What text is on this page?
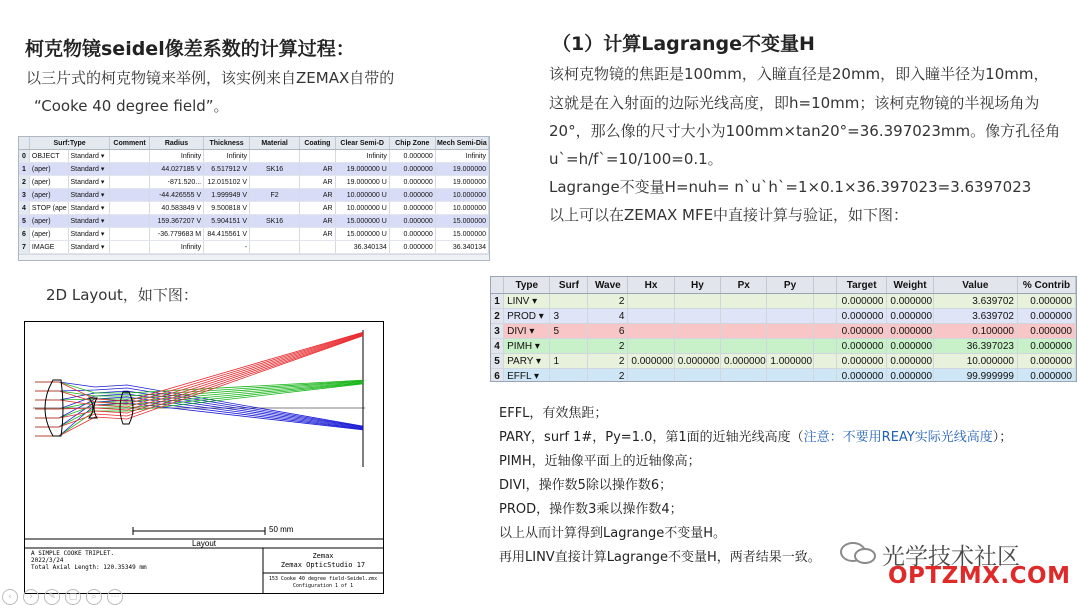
柯克物镜seidel像差系数的计算过程：
以三片式的柯克物镜来举例，该实例来自ZEMAX自带的
“Cooke 40 degree field”。
	Surf:Type		Comment	Radius	Thickness	Material	Coating	Clear Semi-D	Chip Zone	Mech Semi-Dia
0	OBJECT	Standard ▾		Infinity	Infinity			Infinity	0.000000	Infinity
1	(aper)	Standard ▾		44.027185 V	6.517912 V	SK16	AR	19.000000 U	0.000000	19.000000
2	(aper)	Standard ▾		-871.520...	12.015102 V		AR	19.000000 U	0.000000	19.000000
3	(aper)	Standard ▾		-44.426555 V	1.999949 V	F2	AR	10.000000 U	0.000000	10.000000
4	STOP (ape	Standard ▾		40.583849 V	9.500818 V		AR	10.000000 U	0.000000	10.000000
5	(aper)	Standard ▾		159.367207 V	5.904151 V	SK16	AR	15.000000 U	0.000000	15.000000
6	(aper)	Standard ▾		-36.779683 M	84.415561 V		AR	15.000000 U	0.000000	15.000000
7	IMAGE	Standard ▾		Infinity	-			36.340134	0.000000	36.340134
2D Layout，如下图：
50 mm
Layout
A SIMPLE COOKE TRIPLET.
2022/3/24
Total Axial Length: 120.35349 mm
Zemax
Zemax OpticStudio 17
153 Cooke 40 degree field-Seidel.zmx
Configuration 1 of 1
（1）计算Lagrange不变量H
该柯克物镜的焦距是100mm，入瞳直径是20mm，即入瞳半径为10mm，
这就是在入射面的边际光线高度，即h=10mm；该柯克物镜的半视场角为
20°，那么像的尺寸大小为100mm×tan20°=36.397023mm。像方孔径角
u`=h/f`=10/100=0.1。
Lagrange不变量H=nuh= n`u`h`=1×0.1×36.397023=3.6397023
以上可以在ZEMAX MFE中直接计算与验证，如下图：
	Type	Surf	Wave	Hx	Hy	Px	Py		Target	Weight	Value	% Contrib
1	LINV ▾		2						0.000000	0.000000	3.639702	0.000000
2	PROD ▾	3	4						0.000000	0.000000	3.639702	0.000000
3	DIVI ▾	5	6						0.000000	0.000000	0.100000	0.000000
4	PIMH ▾		2						0.000000	0.000000	36.397023	0.000000
5	PARY ▾	1	2	0.000000	0.000000	0.000000	1.000000		0.000000	0.000000	10.000000	0.000000
6	EFFL ▾		2						0.000000	0.000000	99.999999	0.000000
EFFL，有效焦距；
PARY，surf 1#，Py=1.0，第1面的近轴光线高度（注意：不要用REAY实际光线高度）；
PIMH，近轴像平面上的近轴像高；
DIVI，操作数5除以操作数6；
PROD，操作数3乘以操作数4；
以上从而计算得到Lagrange不变量H。
再用LINV直接计算Lagrange不变量H，两者结果一致。	光学技术社区
OPTZMX.COM
‹ › ✎ ▢ ⌕ ⋯
